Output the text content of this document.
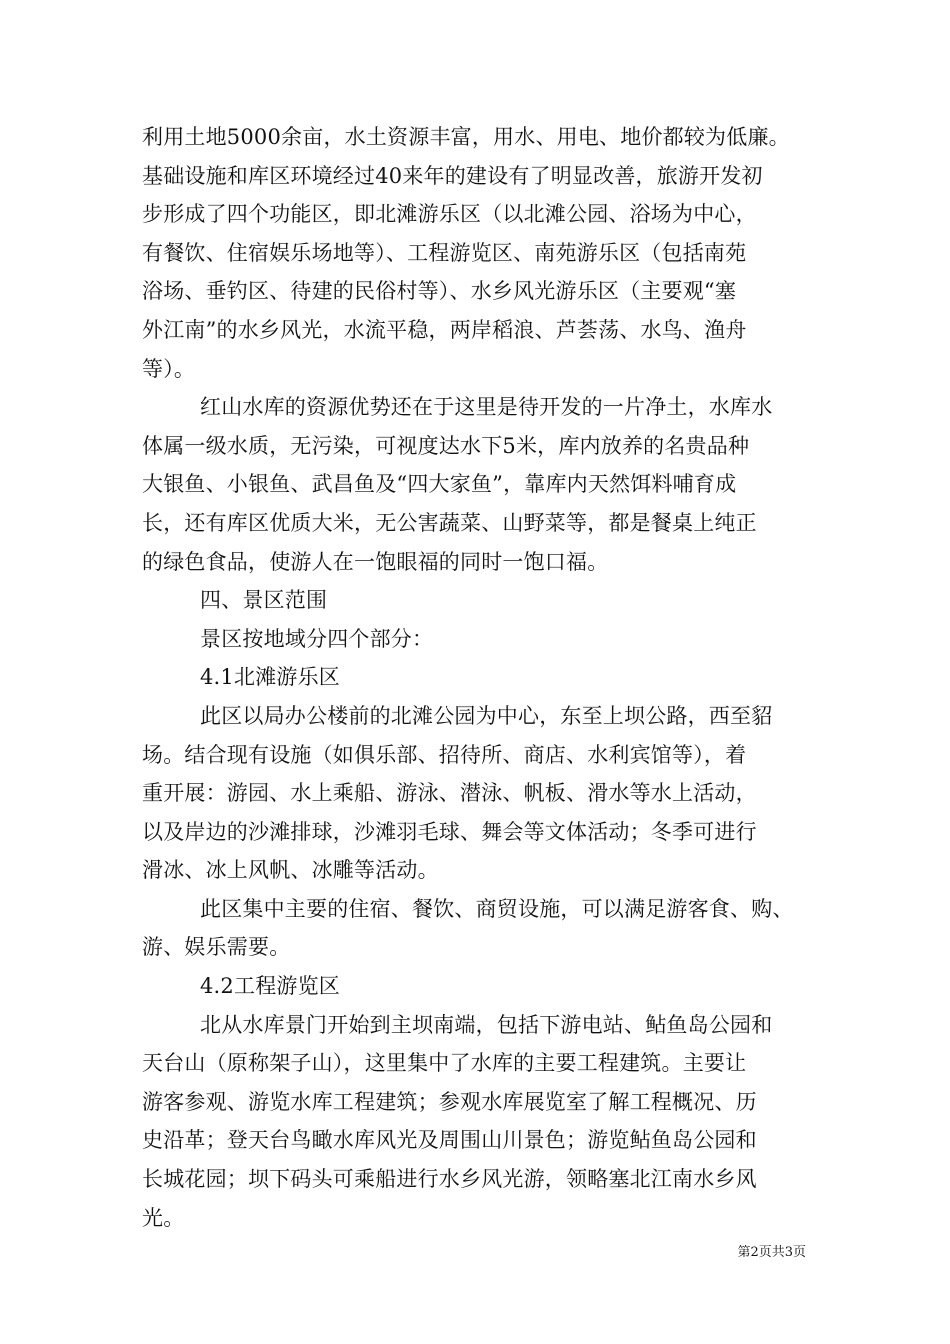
利用土地5000余亩，水土资源丰富，用水、用电、地价都较为低廉。
基础设施和库区环境经过40来年的建设有了明显改善，旅游开发初
步形成了四个功能区，即北滩游乐区（以北滩公园、浴场为中心，
有餐饮、住宿娱乐场地等）、工程游览区、南苑游乐区（包括南苑
浴场、垂钓区、待建的民俗村等）、水乡风光游乐区（主要观“塞
外江南”的水乡风光，水流平稳，两岸稻浪、芦荟荡、水鸟、渔舟
等）。
红山水库的资源优势还在于这里是待开发的一片净土，水库水
体属一级水质，无污染，可视度达水下5米，库内放养的名贵品种
大银鱼、小银鱼、武昌鱼及“四大家鱼”，靠库内天然饵料哺育成
长，还有库区优质大米，无公害蔬菜、山野菜等，都是餐桌上纯正
的绿色食品，使游人在一饱眼福的同时一饱口福。
四、景区范围
景区按地域分四个部分：
4.1北滩游乐区
此区以局办公楼前的北滩公园为中心，东至上坝公路，西至貂
场。结合现有设施（如俱乐部、招待所、商店、水利宾馆等），着
重开展：游园、水上乘船、游泳、潜泳、帆板、滑水等水上活动，
以及岸边的沙滩排球，沙滩羽毛球、舞会等文体活动；冬季可进行
滑冰、冰上风帆、冰雕等活动。
此区集中主要的住宿、餐饮、商贸设施，可以满足游客食、购、
游、娱乐需要。
4.2工程游览区
北从水库景门开始到主坝南端，包括下游电站、鲇鱼岛公园和
天台山（原称架子山），这里集中了水库的主要工程建筑。主要让
游客参观、游览水库工程建筑；参观水库展览室了解工程概况、历
史沿革；登天台鸟瞰水库风光及周围山川景色；游览鲇鱼岛公园和
长城花园；坝下码头可乘船进行水乡风光游，领略塞北江南水乡风
光。
第2页共3页
